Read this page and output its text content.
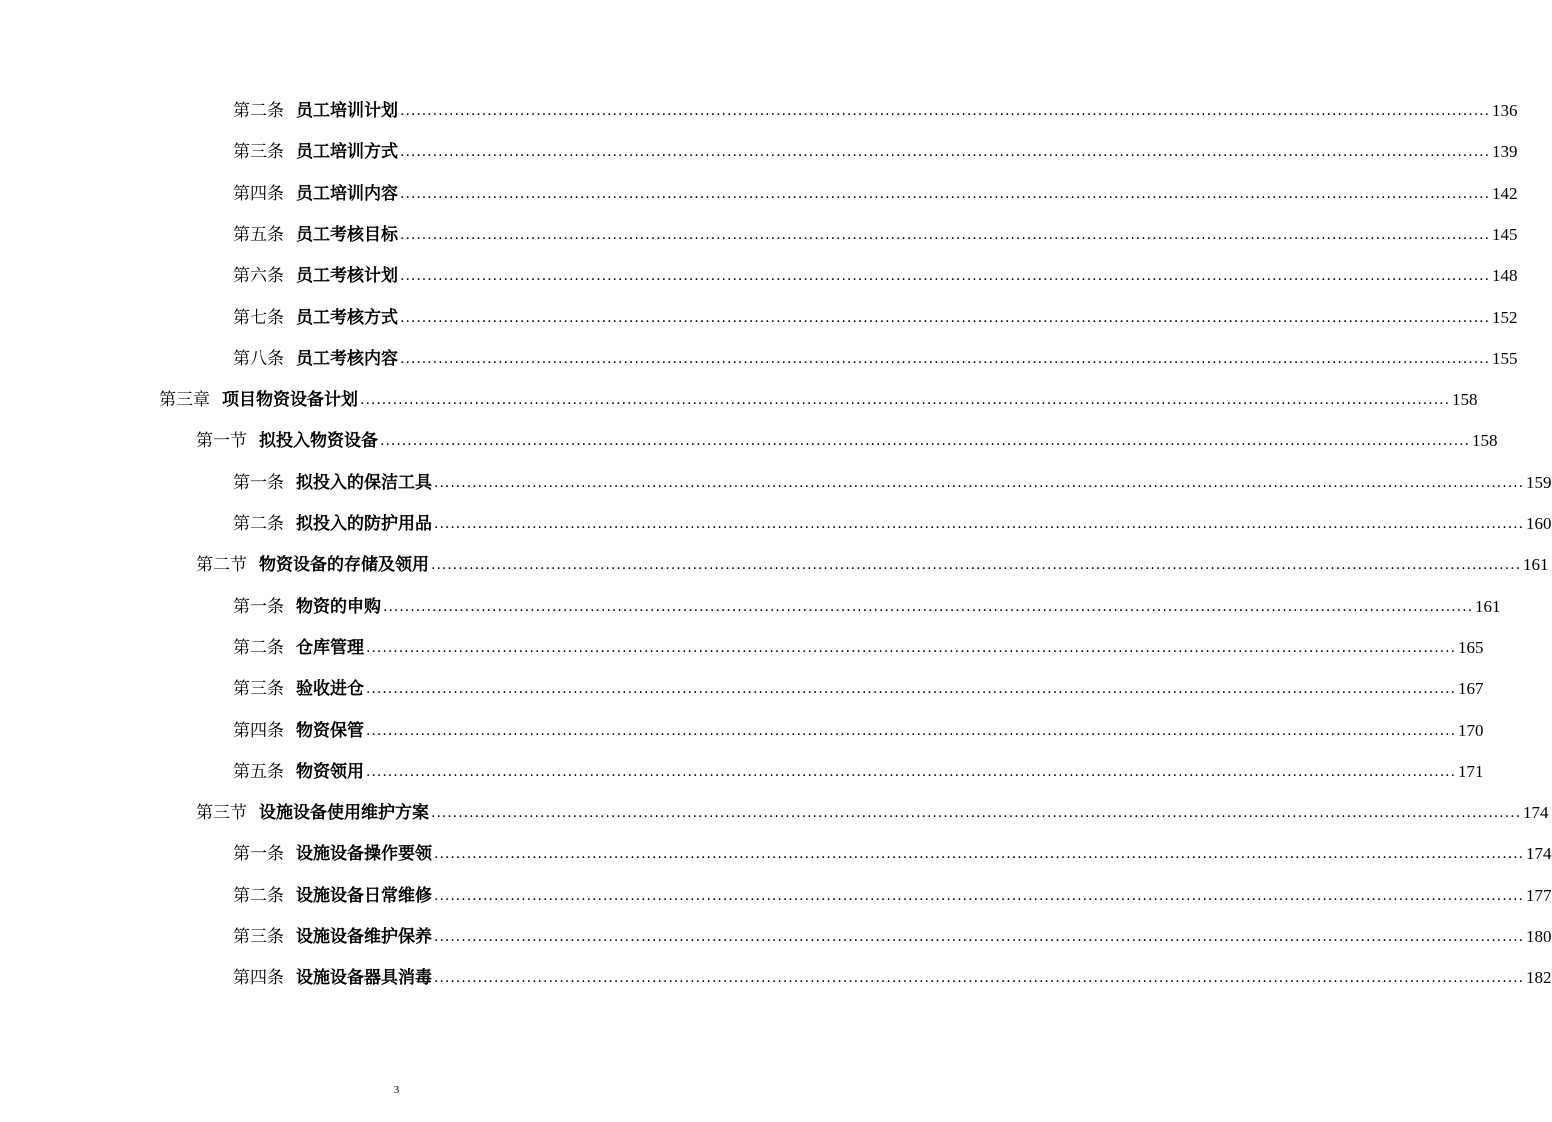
第二条 员工培训计划 ........................................................................................................................................................................................................ 136
第三条 员工培训方式 ........................................................................................................................................................................................................ 139
第四条 员工培训内容 ........................................................................................................................................................................................................ 142
第五条 员工考核目标 ........................................................................................................................................................................................................ 145
第六条 员工考核计划 ........................................................................................................................................................................................................ 148
第七条 员工考核方式 ........................................................................................................................................................................................................ 152
第八条 员工考核内容 ........................................................................................................................................................................................................ 155
第三章 项目物资设备计划 ........................................................................................................................................................................................................ 158
第一节 拟投入物资设备 ........................................................................................................................................................................................................ 158
第一条 拟投入的保洁工具 ........................................................................................................................................................................................................ 159
第二条 拟投入的防护用品 ........................................................................................................................................................................................................ 160
第二节 物资设备的存储及领用 ........................................................................................................................................................................................................ 161
第一条 物资的申购 ........................................................................................................................................................................................................ 161
第二条 仓库管理 ........................................................................................................................................................................................................ 165
第三条 验收进仓 ........................................................................................................................................................................................................ 167
第四条 物资保管 ........................................................................................................................................................................................................ 170
第五条 物资领用 ........................................................................................................................................................................................................ 171
第三节 设施设备使用维护方案 ........................................................................................................................................................................................................ 174
第一条 设施设备操作要领 ........................................................................................................................................................................................................ 174
第二条 设施设备日常维修 ........................................................................................................................................................................................................ 177
第三条 设施设备维护保养 ........................................................................................................................................................................................................ 180
第四条 设施设备器具消毒 ........................................................................................................................................................................................................ 182
3
